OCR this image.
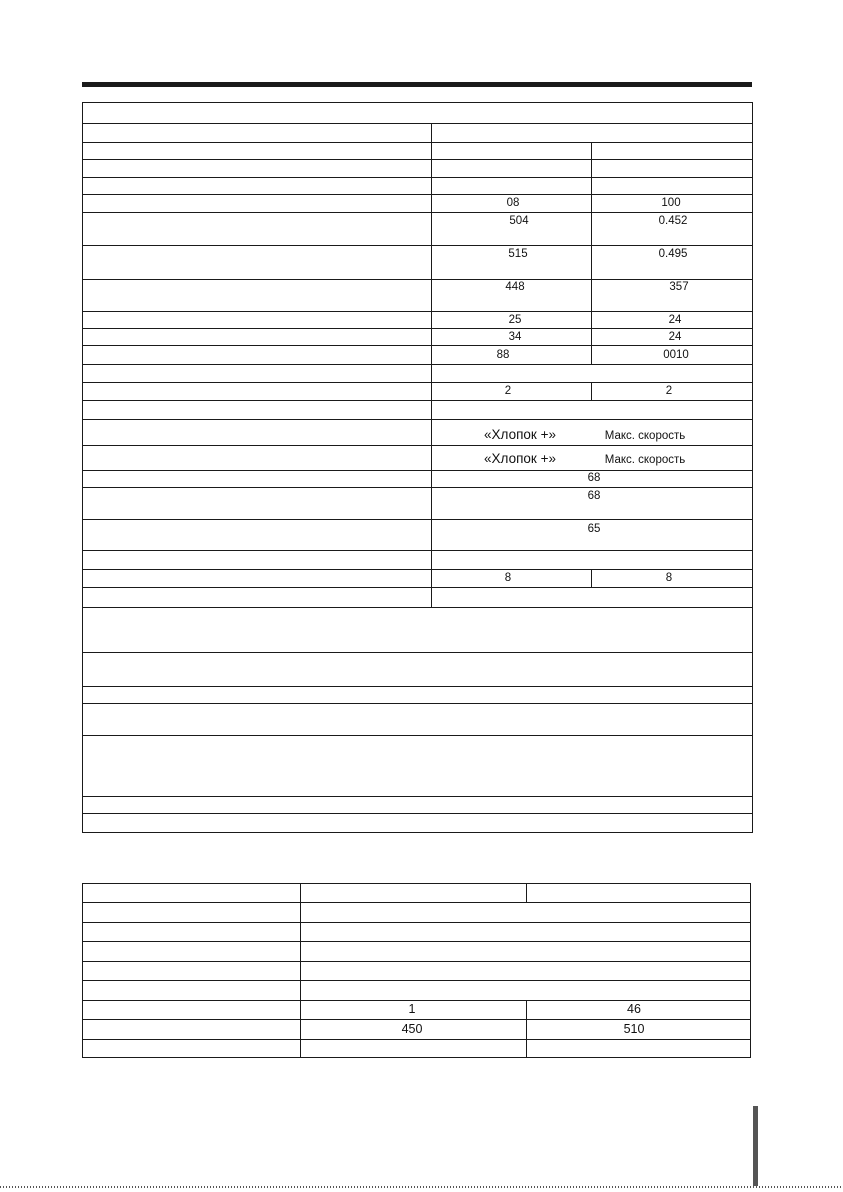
08	100
504	0.452
515	0.495
448	357
25	24
34	24
88	0010
2	2
«Хлопок +»	Макс. скорость
«Хлопок +»	Макс. скорость
68
68
65
8	8
1	46
450	510
